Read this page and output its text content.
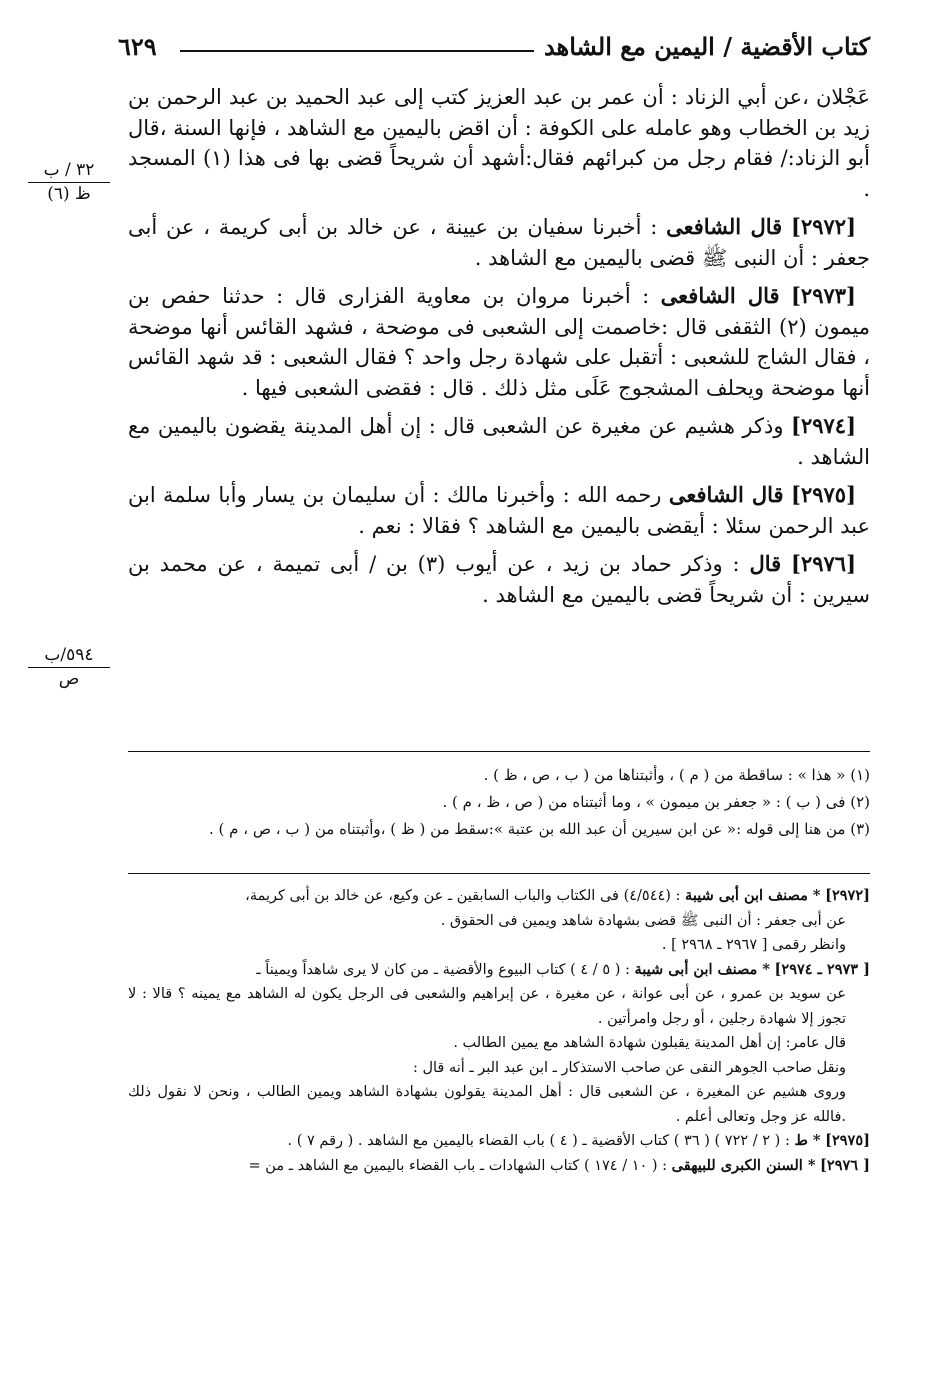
كتاب الأقضية / اليمين مع الشاهد
٦٢٩
٣٢ / ب
ظ (٦)
٥٩٤/ب
ص

عَجْلان ،عن أبي الزناد : أن عمر بن عبد العزيز كتب إلى عبد الحميد بن عبد الرحمن بن زيد بن الخطاب وهو عامله على الكوفة : أن اقض باليمين مع الشاهد ، فإنها السنة ،قال أبو الزناد:/ فقام رجل من كبرائهم فقال:أشهد أن شريحاً قضى بها فى هذا (١) المسجد .

[٢٩٧٢] قال الشافعى : أخبرنا سفيان بن عيينة ، عن خالد بن أبى كريمة ، عن أبى جعفر : أن النبى ﷺ قضى باليمين مع الشاهد .

[٢٩٧٣] قال الشافعى : أخبرنا مروان بن معاوية الفزارى قال : حدثنا حفص بن ميمون (٢) الثقفى قال :خاصمت إلى الشعبى فى موضحة ، فشهد القائس أنها موضحة ، فقال الشاج للشعبى : أتقبل على شهادة رجل واحد ؟ فقال الشعبى : قد شهد القائس أنها موضحة ويحلف المشجوج عَلَى مثل ذلك . قال : فقضى الشعبى فيها .

[٢٩٧٤] وذكر هشيم عن مغيرة عن الشعبى قال : إن أهل المدينة يقضون باليمين مع الشاهد .

[٢٩٧٥] قال الشافعى رحمه الله : وأخبرنا مالك : أن سليمان بن يسار وأبا سلمة ابن عبد الرحمن سئلا : أيقضى باليمين مع الشاهد ؟ فقالا : نعم .

[٢٩٧٦] قال : وذكر حماد بن زيد ، عن أيوب (٣) بن / أبى تميمة ، عن محمد بن سيرين : أن شريحاً قضى باليمين مع الشاهد .

(١) « هذا » : ساقطة من ( م ) ، وأثبتناها من ( ب ، ص ، ظ ) .

(٢) فى ( ب ) : « جعفر بن ميمون » ، وما أثبتناه من ( ص ، ظ ، م ) .

(٣) من هنا إلى قوله :« عن ابن سيرين أن عبد الله بن عتبة »:سقط من ( ظ ) ،وأثبتناه من ( ب ، ص ، م ) .

[٢٩٧٢] * مصنف ابن أبى شيبة : (٤/٥٤٤) فى الكتاب والباب السابقين ـ عن وكيع، عن خالد بن أبى كريمة،

عن أبى جعفر : أن النبى ﷺ قضى بشهادة شاهد ويمين فى الحقوق .

وانظر رقمى [ ٢٩٦٧ ـ ٢٩٦٨ ] .

[ ٢٩٧٣ ـ ٢٩٧٤] * مصنف ابن أبى شيبة : ( ٥ / ٤ ) كتاب البيوع والأقضية ـ من كان لا يرى شاهداً ويميناً ـ

عن سويد بن عمرو ، عن أبى عوانة ، عن مغيرة ، عن إبراهيم والشعبى فى الرجل يكون له الشاهد مع يمينه ؟ قالا : لا تجوز إلا شهادة رجلين ، أو رجل وامرأتين .

قال عامر: إن أهل المدينة يقبلون شهادة الشاهد مع يمين الطالب .

ونقل صاحب الجوهر النقى عن صاحب الاستذكار ـ ابن عبد البر ـ أنه قال :

وروى هشيم عن المغيرة ، عن الشعبى قال : أهل المدينة يقولون بشهادة الشاهد ويمين الطالب ، ونحن لا نقول ذلك .فالله عز وجل وتعالى أعلم .

[٢٩٧٥] * ط : ( ٢ / ٧٢٢ ) ( ٣٦ ) كتاب الأقضية ـ ( ٤ ) باب القضاء باليمين مع الشاهد . ( رقم ٧ ) .

[ ٢٩٧٦] * السنن الكبرى للبيهقى : ( ١٠ / ١٧٤ ) كتاب الشهادات ـ باب القضاء باليمين مع الشاهد ـ من =
